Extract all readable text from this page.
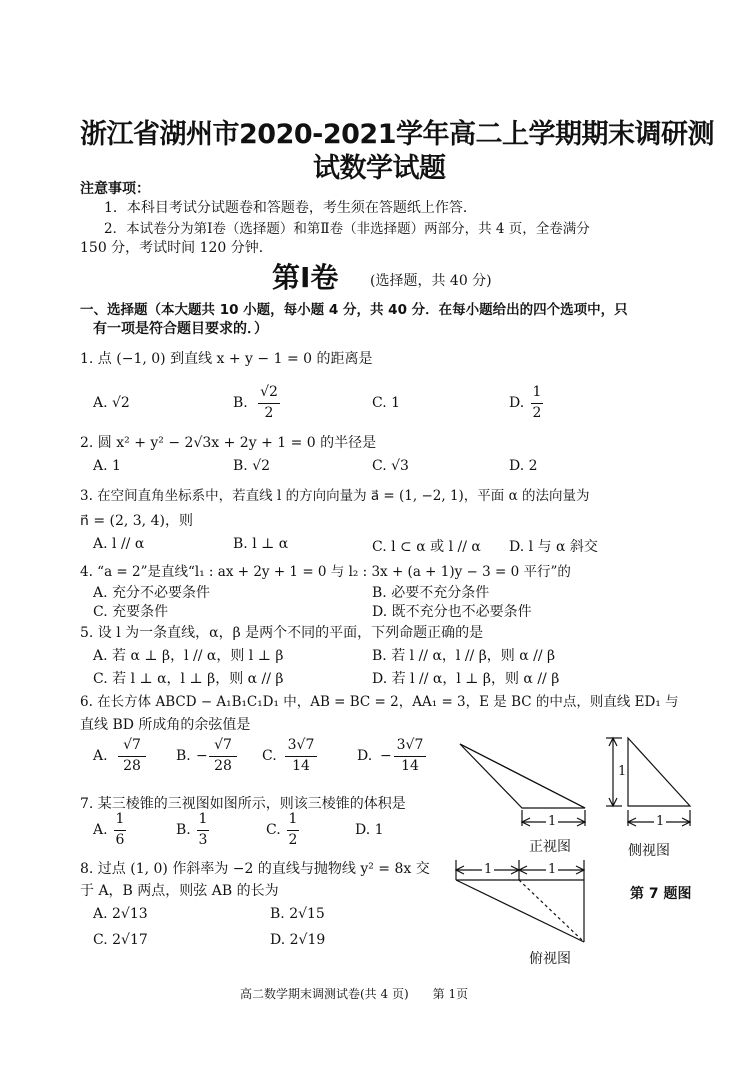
浙江省湖州市2020-2021学年高二上学期期末调研测
试数学试题
注意事项：
1．本科目考试分试题卷和答题卷，考生须在答题纸上作答．
2．本试卷分为第Ⅰ卷（选择题）和第Ⅱ卷（非选择题）两部分，共 4 页，全卷满分
150 分，考试时间 120 分钟．
第Ⅰ卷 (选择题，共 40 分)
一、选择题（本大题共 10 小题，每小题 4 分，共 40 分．在每小题给出的四个选项中，只
有一项是符合题目要求的．）
1. 点 (−1, 0) 到直线 x + y − 1 = 0 的距离是
A. √2	B.
√2
2
C. 1	D.
1
2
2. 圆 x² + y² − 2√3x + 2y + 1 = 0 的半径是
A. 1	B. √2	C. √3	D. 2
3. 在空间直角坐标系中，若直线 l 的方向向量为 a⃗ = (1, −2, 1)，平面 α 的法向量为
n⃗ = (2, 3, 4)，则
A. l // α	B. l ⊥ α	C. l ⊂ α 或 l // α D. l 与 α 斜交
4. “a = 2”是直线“l₁ : ax + 2y + 1 = 0 与 l₂ : 3x + (a + 1)y − 3 = 0 平行”的
A. 充分不必要条件	B. 必要不充分条件
C. 充要条件	D. 既不充分也不必要条件
5. 设 l 为一条直线，α，β 是两个不同的平面，下列命题正确的是
A. 若 α ⊥ β，l // α，则 l ⊥ β	B. 若 l // α，l // β，则 α // β
C. 若 l ⊥ α，l ⊥ β，则 α // β	D. 若 l // α，l ⊥ β，则 α // β
6. 在长方体 ABCD − A₁B₁C₁D₁ 中，AB = BC = 2，AA₁ = 3，E 是 BC 的中点，则直线 ED₁ 与
直线 BD 所成角的余弦值是
A.
√7
28
B. −
√7
28
C.
3√7
14
D. −
3√7
14
7. 某三棱锥的三视图如图所示，则该三棱锥的体积是
A.
1
6
B.
1
3
C.
1
2
D. 1
8. 过点 (1, 0) 作斜率为 −2 的直线与抛物线 y² = 8x 交
于 A，B 两点，则弦 AB 的长为
A. 2√13	B. 2√15
C. 2√17	D. 2√19
1	1
1
1	1
正视图	侧视图
第 7 题图
俯视图
高二数学期末调测试卷(共 4 页)　　第 1页
